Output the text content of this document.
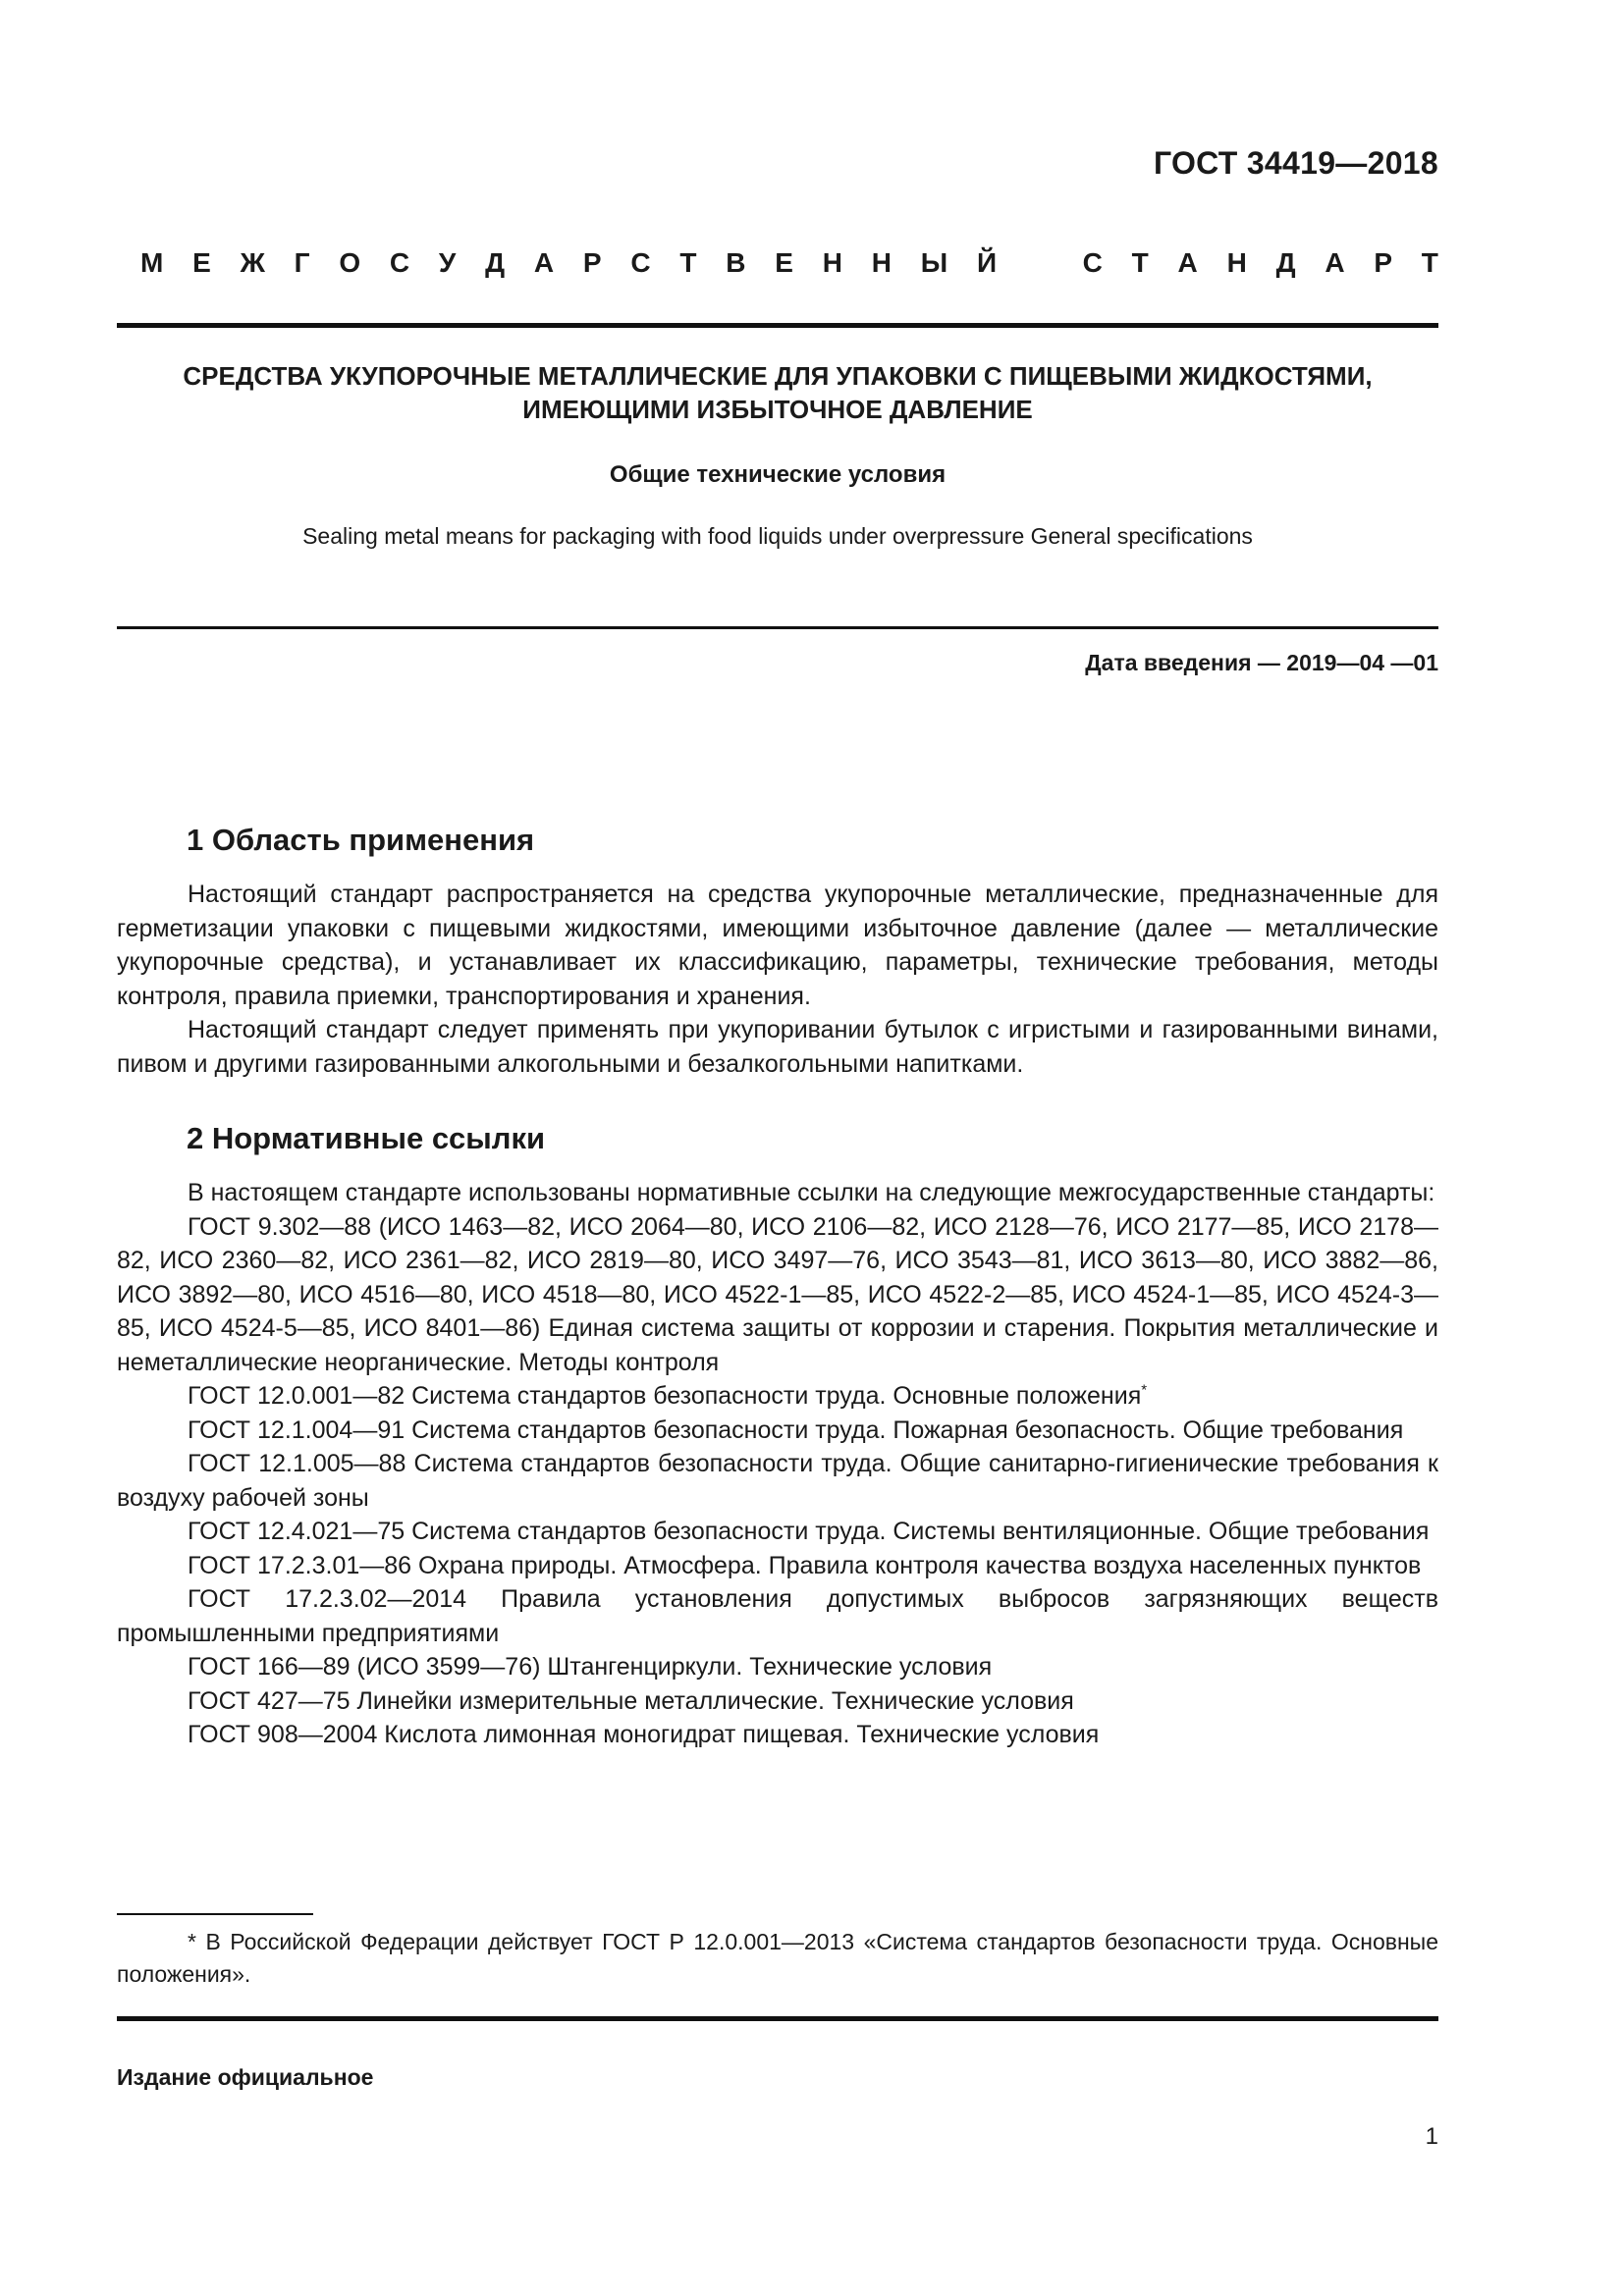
ГОСТ 34419—2018
М Е Ж Г О С У Д А Р С Т В Е Н Н Ы Й	С Т А Н Д А Р Т
СРЕДСТВА УКУПОРОЧНЫЕ МЕТАЛЛИЧЕСКИЕ ДЛЯ УПАКОВКИ С ПИЩЕВЫМИ ЖИДКОСТЯМИ,
ИМЕЮЩИМИ ИЗБЫТОЧНОЕ ДАВЛЕНИЕ
Общие технические условия
Sealing metal means for packaging with food liquids under overpressure General specifications
Дата введения — 2019—04 —01
1 Область применения

Настоящий стандарт распространяется на средства укупорочные металлические, предназначенные для герметизации упаковки с пищевыми жидкостями, имеющими избыточное давление (далее — металлические укупорочные средства), и устанавливает их классификацию, параметры, технические требования, методы контроля, правила приемки, транспортирования и хранения.

Настоящий стандарт следует применять при укупоривании бутылок с игристыми и газированными винами, пивом и другими газированными алкогольными и безалкогольными напитками.

2 Нормативные ссылки

В настоящем стандарте использованы нормативные ссылки на следующие межгосударственные стандарты:

ГОСТ 9.302—88 (ИСО 1463—82, ИСО 2064—80, ИСО 2106—82, ИСО 2128—76, ИСО 2177—85, ИСО 2178—82, ИСО 2360—82, ИСО 2361—82, ИСО 2819—80, ИСО 3497—76, ИСО 3543—81, ИСО 3613—80, ИСО 3882—86, ИСО 3892—80, ИСО 4516—80, ИСО 4518—80, ИСО 4522-1—85, ИСО 4522-2—85, ИСО 4524-1—85, ИСО 4524-3—85, ИСО 4524-5—85, ИСО 8401—86) Единая система защиты от коррозии и старения. Покрытия металлические и неметаллические неорганические. Методы контроля

ГОСТ 12.0.001—82 Система стандартов безопасности труда. Основные положения*

ГОСТ 12.1.004—91 Система стандартов безопасности труда. Пожарная безопасность. Общие требования

ГОСТ 12.1.005—88 Система стандартов безопасности труда. Общие санитарно-гигиенические требования к воздуху рабочей зоны

ГОСТ 12.4.021—75 Система стандартов безопасности труда. Системы вентиляционные. Общие требования

ГОСТ 17.2.3.01—86 Охрана природы. Атмосфера. Правила контроля качества воздуха населенных пунктов

ГОСТ 17.2.3.02—2014 Правила установления допустимых выбросов загрязняющих веществ промышленными предприятиями

ГОСТ 166—89 (ИСО 3599—76) Штангенциркули. Технические условия

ГОСТ 427—75 Линейки измерительные металлические. Технические условия

ГОСТ 908—2004 Кислота лимонная моногидрат пищевая. Технические условия

* В Российской Федерации действует ГОСТ Р 12.0.001—2013 «Система стандартов безопасности труда. Основные положения».
Издание официальное
1
